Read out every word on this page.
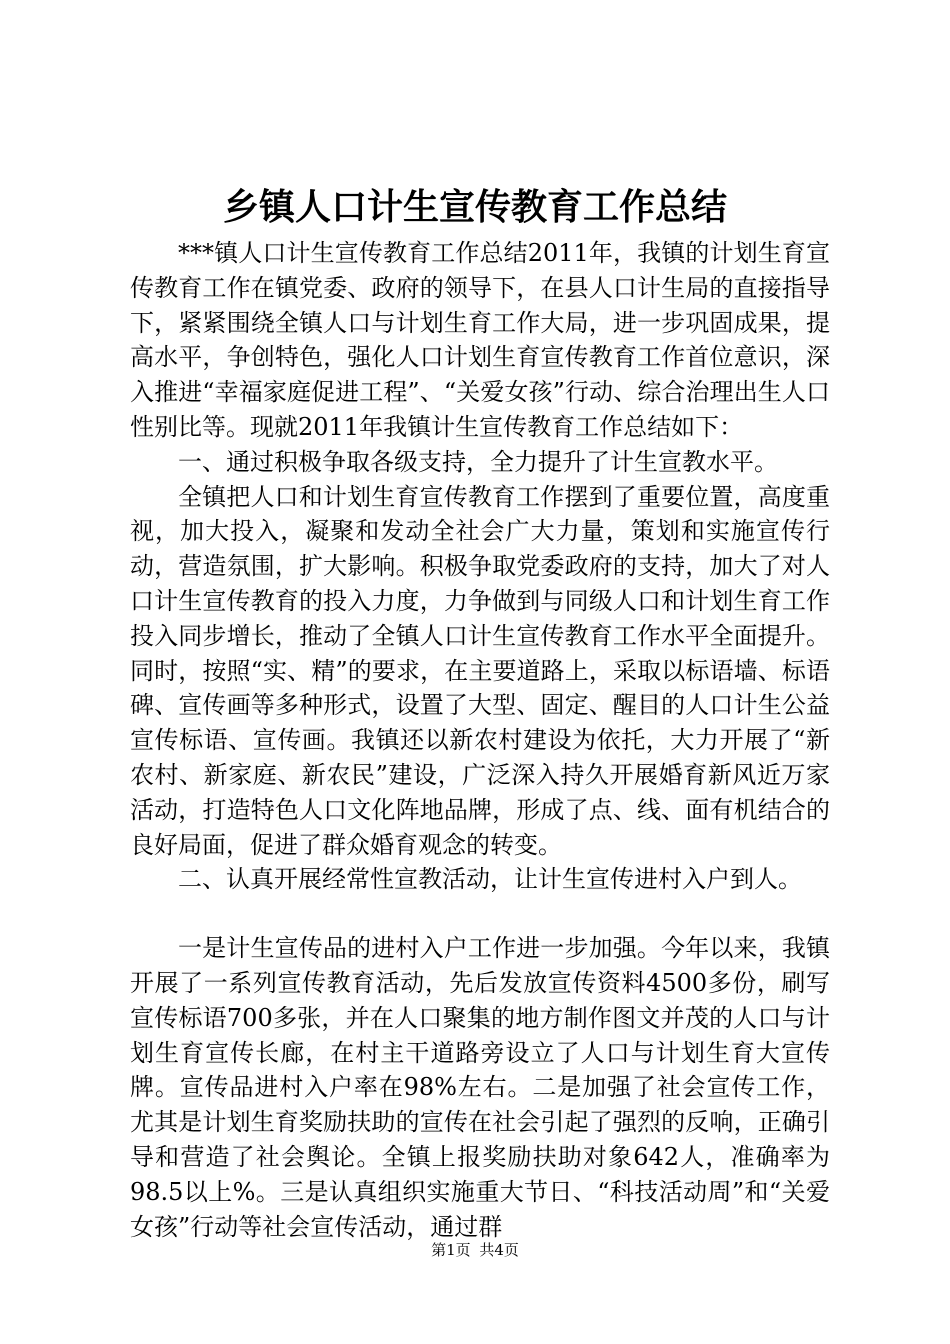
乡镇人口计生宣传教育工作总结

***镇人口计生宣传教育工作总结2011年，我镇的计划生育宣传教育工作在镇党委、政府的领导下，在县人口计生局的直接指导下，紧紧围绕全镇人口与计划生育工作大局，进一步巩固成果，提高水平，争创特色，强化人口计划生育宣传教育工作首位意识，深入推进“幸福家庭促进工程”、“关爱女孩”行动、综合治理出生人口性别比等。现就2011年我镇计生宣传教育工作总结如下：

一、通过积极争取各级支持，全力提升了计生宣教水平。

全镇把人口和计划生育宣传教育工作摆到了重要位置，高度重视，加大投入，凝聚和发动全社会广大力量，策划和实施宣传行动，营造氛围，扩大影响。积极争取党委政府的支持，加大了对人口计生宣传教育的投入力度，力争做到与同级人口和计划生育工作投入同步增长，推动了全镇人口计生宣传教育工作水平全面提升。同时，按照“实、精”的要求，在主要道路上，采取以标语墙、标语碑、宣传画等多种形式，设置了大型、固定、醒目的人口计生公益宣传标语、宣传画。我镇还以新农村建设为依托，大力开展了“新农村、新家庭、新农民”建设，广泛深入持久开展婚育新风近万家活动，打造特色人口文化阵地品牌，形成了点、线、面有机结合的良好局面，促进了群众婚育观念的转变。

二、认真开展经常性宣教活动，让计生宣传进村入户到人。

一是计生宣传品的进村入户工作进一步加强。今年以来，我镇开展了一系列宣传教育活动，先后发放宣传资料4500多份，刷写宣传标语700多张，并在人口聚集的地方制作图文并茂的人口与计划生育宣传长廊，在村主干道路旁设立了人口与计划生育大宣传牌。宣传品进村入户率在98%左右。二是加强了社会宣传工作，尤其是计划生育奖励扶助的宣传在社会引起了强烈的反响，正确引导和营造了社会舆论。全镇上报奖励扶助对象642人，准确率为98.5以上%。三是认真组织实施重大节日、“科技活动周”和“关爱女孩”行动等社会宣传活动，通过群

第1页 共4页
